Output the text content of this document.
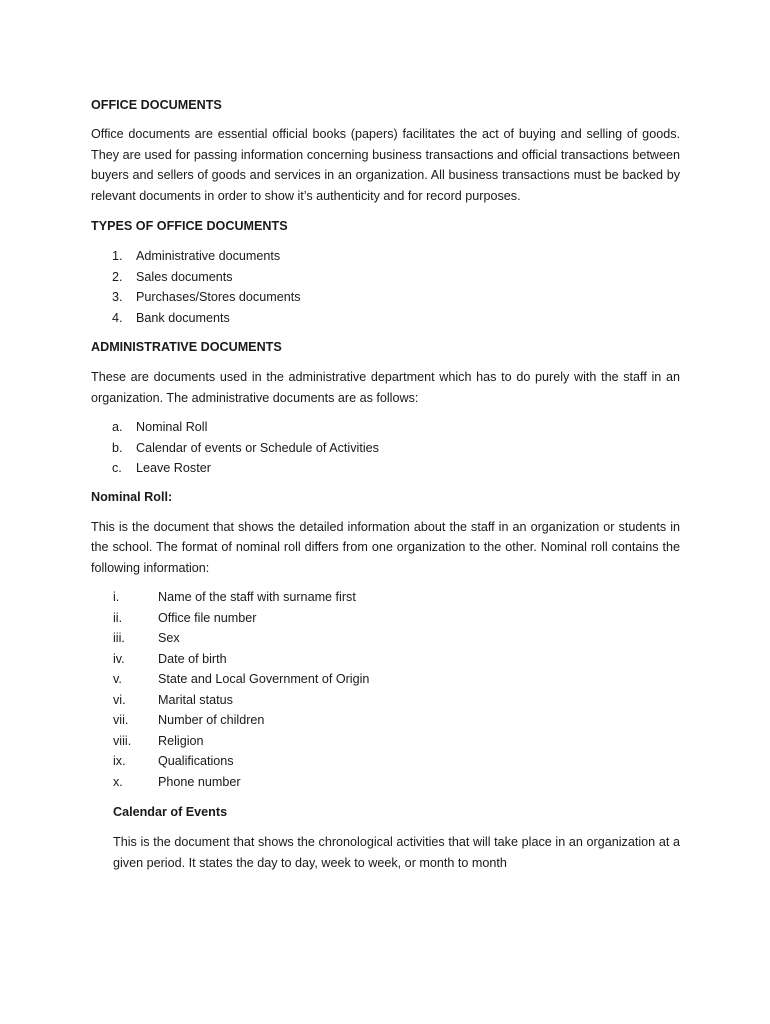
OFFICE DOCUMENTS

Office documents are essential official books (papers) facilitates the act of buying and selling of goods. They are used for passing information concerning business transactions and official transactions between buyers and sellers of goods and services in an organization. All business transactions must be backed by relevant documents in order to show it’s authenticity and for record purposes.

TYPES OF OFFICE DOCUMENTS

1.	Administrative documents
2.	Sales documents
3.	Purchases/Stores documents
4.	Bank documents

ADMINISTRATIVE DOCUMENTS

These are documents used in the administrative department which has to do purely with the staff in an organization. The administrative documents are as follows:

a.	Nominal Roll
b.	Calendar of events or Schedule of Activities
c.	Leave Roster

Nominal Roll:

This is the document that shows the detailed information about the staff in an organization or students in the school. The format of nominal roll differs from one organization to the other. Nominal roll contains the following information:

i.	Name of the staff with surname first
ii.	Office file number
iii.	Sex
iv.	Date of birth
v.	State and Local Government of Origin
vi.	Marital status
vii.	Number of children
viii.	Religion
ix.	Qualifications
x.	Phone number

Calendar of Events

This is the document that shows the chronological activities that will take place in an organization at a given period. It states the day to day, week to week, or month to month
